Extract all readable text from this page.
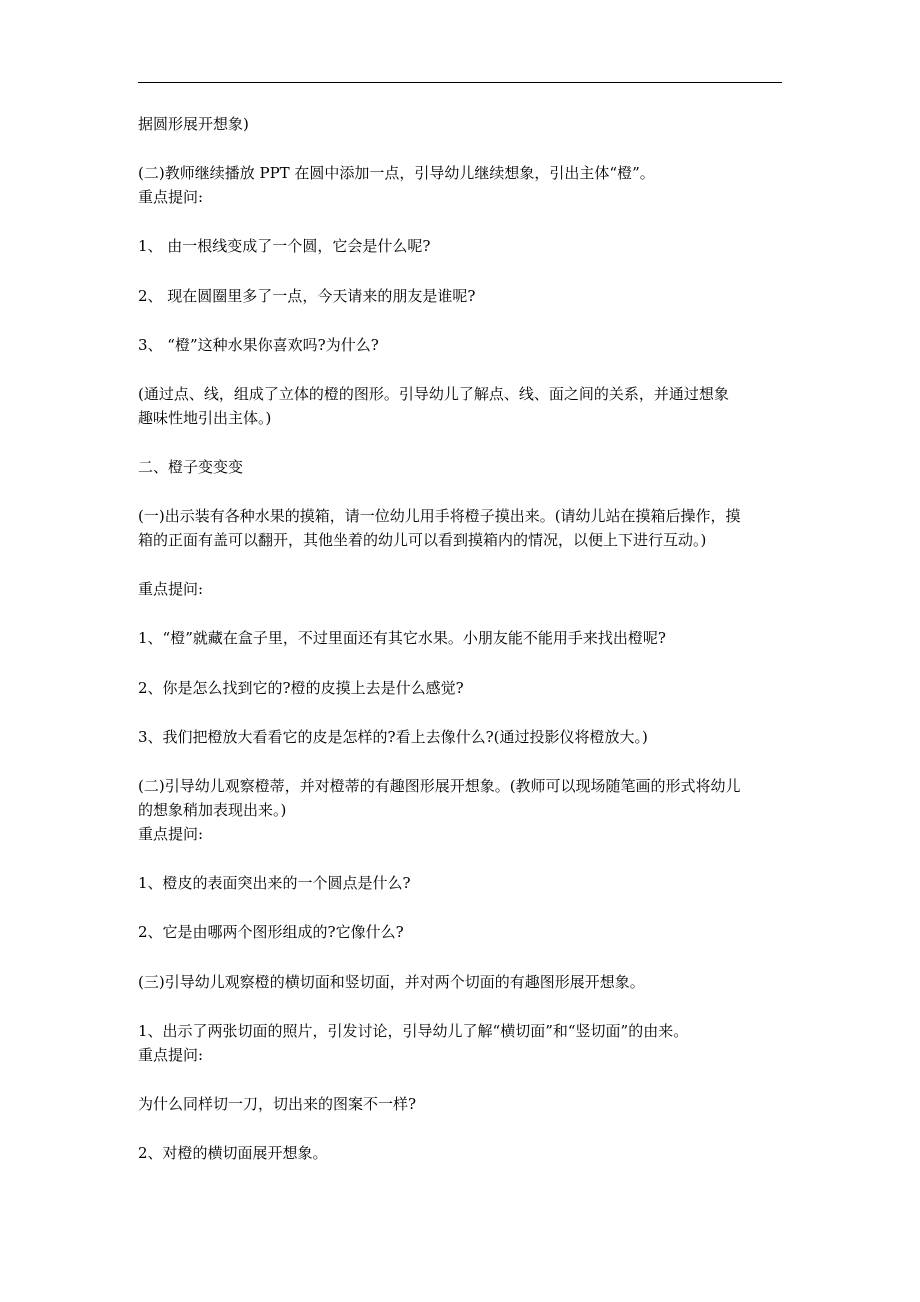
据圆形展开想象)

(二)教师继续播放 PPT 在圆中添加一点，引导幼儿继续想象，引出主体“橙”。

重点提问:

1、 由一根线变成了一个圆，它会是什么呢?

2、 现在圆圈里多了一点，今天请来的朋友是谁呢?

3、 “橙”这种水果你喜欢吗?为什么?

(通过点、线，组成了立体的橙的图形。引导幼儿了解点、线、面之间的关系，并通过想象

趣味性地引出主体。)

二、橙子变变变

(一)出示装有各种水果的摸箱，请一位幼儿用手将橙子摸出来。(请幼儿站在摸箱后操作，摸

箱的正面有盖可以翻开，其他坐着的幼儿可以看到摸箱内的情况，以便上下进行互动。)

重点提问:

1、“橙”就藏在盒子里，不过里面还有其它水果。小朋友能不能用手来找出橙呢?

2、你是怎么找到它的?橙的皮摸上去是什么感觉?

3、我们把橙放大看看它的皮是怎样的?看上去像什么?(通过投影仪将橙放大。)

(二)引导幼儿观察橙蒂，并对橙蒂的有趣图形展开想象。(教师可以现场随笔画的形式将幼儿

的想象稍加表现出来。)

重点提问:

1、橙皮的表面突出来的一个圆点是什么?

2、它是由哪两个图形组成的?它像什么?

(三)引导幼儿观察橙的横切面和竖切面，并对两个切面的有趣图形展开想象。

1、出示了两张切面的照片，引发讨论，引导幼儿了解“横切面”和“竖切面”的由来。

重点提问:

为什么同样切一刀，切出来的图案不一样?

2、对橙的横切面展开想象。
